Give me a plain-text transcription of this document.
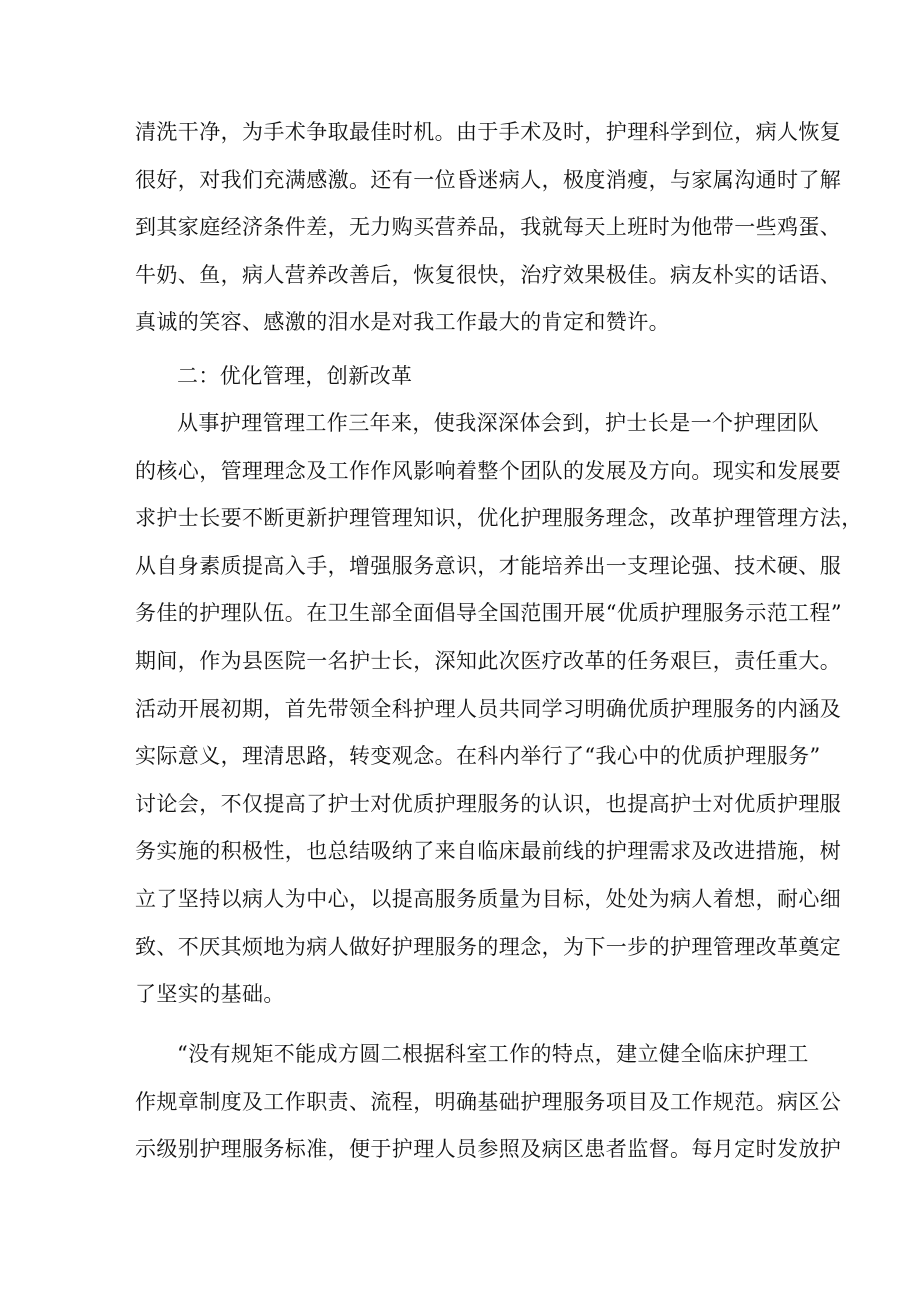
清洗干净，为手术争取最佳时机。由于手术及时，护理科学到位，病人恢复
很好，对我们充满感激。还有一位昏迷病人，极度消瘦，与家属沟通时了解
到其家庭经济条件差，无力购买营养品，我就每天上班时为他带一些鸡蛋、
牛奶、鱼，病人营养改善后，恢复很快，治疗效果极佳。病友朴实的话语、
真诚的笑容、感激的泪水是对我工作最大的肯定和赞许。
二：优化管理，创新改革
从事护理管理工作三年来，使我深深体会到，护士长是一个护理团队
的核心，管理理念及工作作风影响着整个团队的发展及方向。现实和发展要
求护士长要不断更新护理管理知识，优化护理服务理念，改革护理管理方法，
从自身素质提高入手，增强服务意识，才能培养出一支理论强、技术硬、服
务佳的护理队伍。在卫生部全面倡导全国范围开展“优质护理服务示范工程”
期间，作为县医院一名护士长，深知此次医疗改革的任务艰巨，责任重大。
活动开展初期，首先带领全科护理人员共同学习明确优质护理服务的内涵及
实际意义，理清思路，转变观念。在科内举行了“我心中的优质护理服务”
讨论会，不仅提高了护士对优质护理服务的认识，也提高护士对优质护理服
务实施的积极性，也总结吸纳了来自临床最前线的护理需求及改进措施，树
立了坚持以病人为中心，以提高服务质量为目标，处处为病人着想，耐心细
致、不厌其烦地为病人做好护理服务的理念，为下一步的护理管理改革奠定
了坚实的基础。
“没有规矩不能成方圆二根据科室工作的特点，建立健全临床护理工
作规章制度及工作职责、流程，明确基础护理服务项目及工作规范。病区公
示级别护理服务标准，便于护理人员参照及病区患者监督。每月定时发放护
